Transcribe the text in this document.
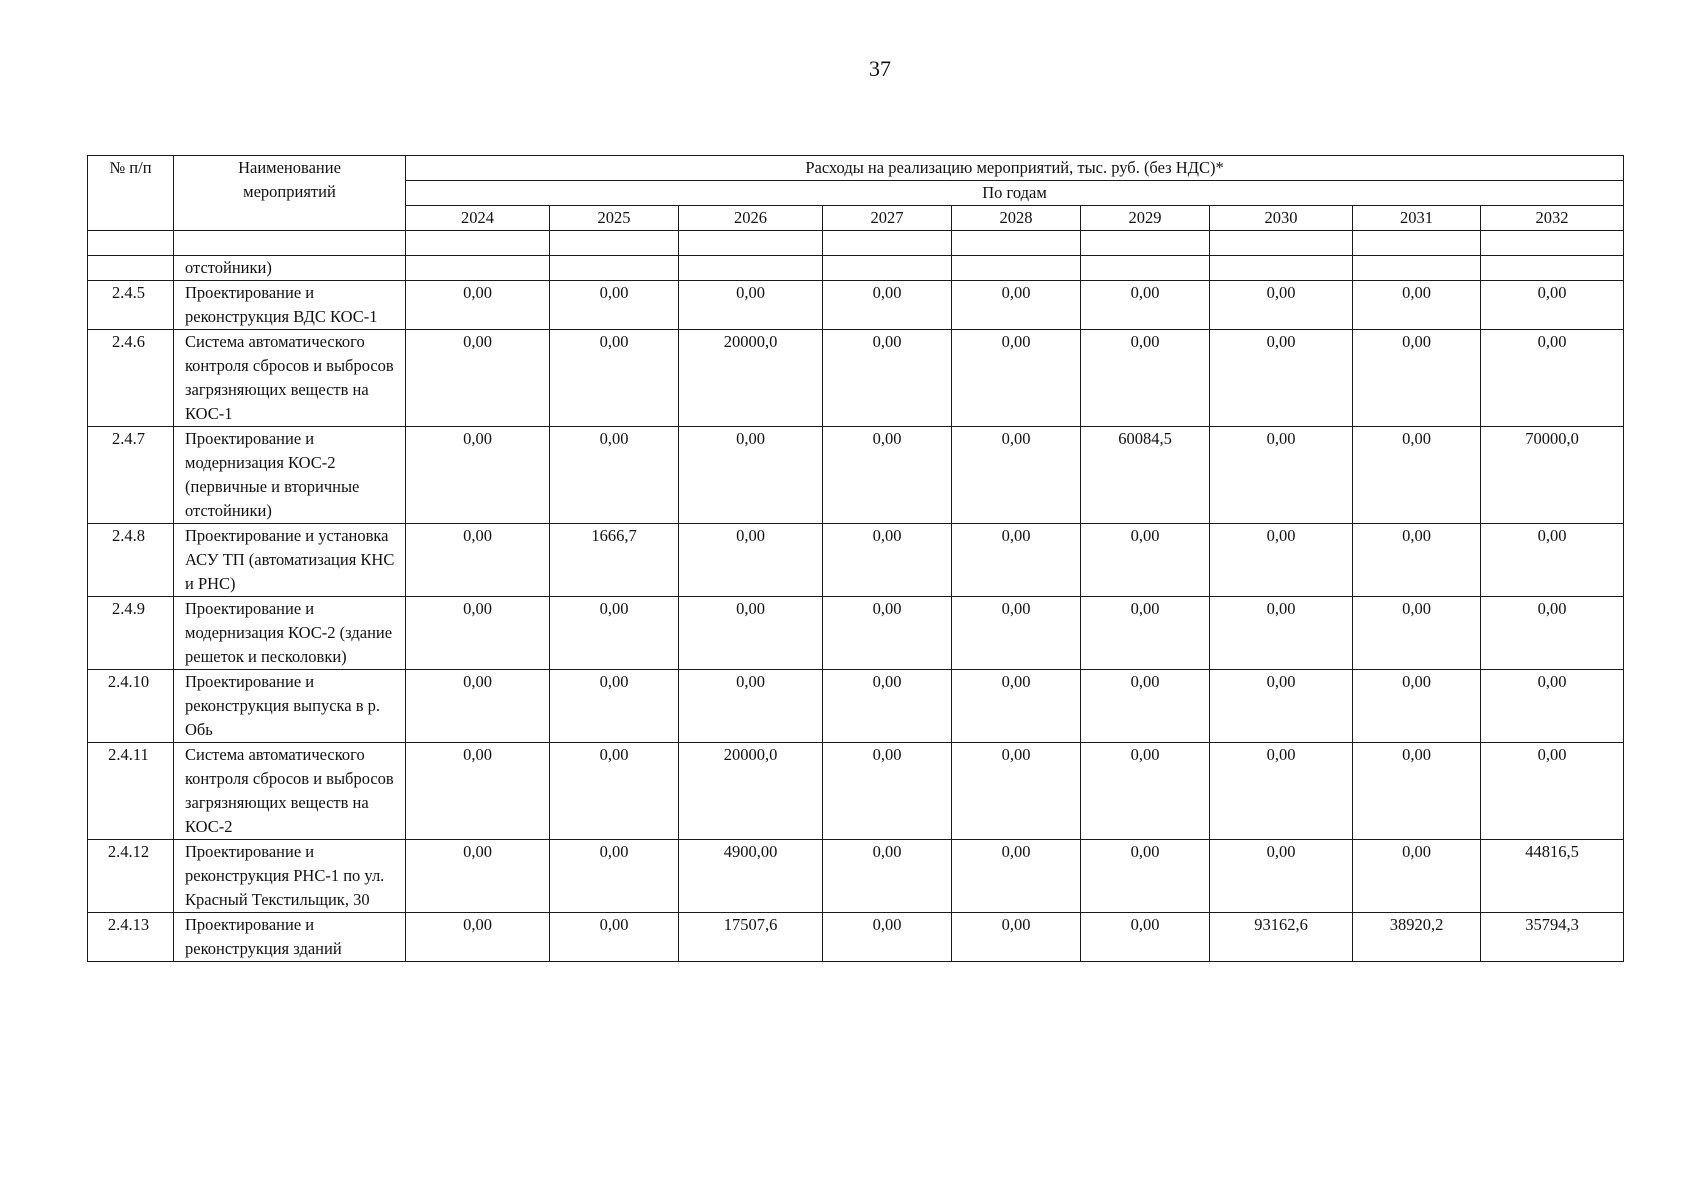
37
№ п/п	Наименование мероприятий	Расходы на реализацию мероприятий, тыс. руб. (без НДС)*								
		По годам								
		2024	2025	2026	2027	2028	2029	2030	2031	2032

	отстойники)									
2.4.5	Проектирование и реконструкция ВДС КОС-1	0,00	0,00	0,00	0,00	0,00	0,00	0,00	0,00	0,00
2.4.6	Система автоматического контроля сбросов и выбросов загрязняющих веществ на КОС-1	0,00	0,00	20000,0	0,00	0,00	0,00	0,00	0,00	0,00
2.4.7	Проектирование и модернизация КОС-2 (первичные и вторичные отстойники)	0,00	0,00	0,00	0,00	0,00	60084,5	0,00	0,00	70000,0
2.4.8	Проектирование и установка АСУ ТП (автоматизация КНС и РНС)	0,00	1666,7	0,00	0,00	0,00	0,00	0,00	0,00	0,00
2.4.9	Проектирование и модернизация КОС-2 (здание решеток и песколовки)	0,00	0,00	0,00	0,00	0,00	0,00	0,00	0,00	0,00
2.4.10	Проектирование и реконструкция выпуска в р. Обь	0,00	0,00	0,00	0,00	0,00	0,00	0,00	0,00	0,00
2.4.11	Система автоматического контроля сбросов и выбросов загрязняющих веществ на КОС-2	0,00	0,00	20000,0	0,00	0,00	0,00	0,00	0,00	0,00
2.4.12	Проектирование и реконструкция РНС-1 по ул. Красный Текстильщик, 30	0,00	0,00	4900,00	0,00	0,00	0,00	0,00	0,00	44816,5
2.4.13	Проектирование и реконструкция зданий	0,00	0,00	17507,6	0,00	0,00	0,00	93162,6	38920,2	35794,3
